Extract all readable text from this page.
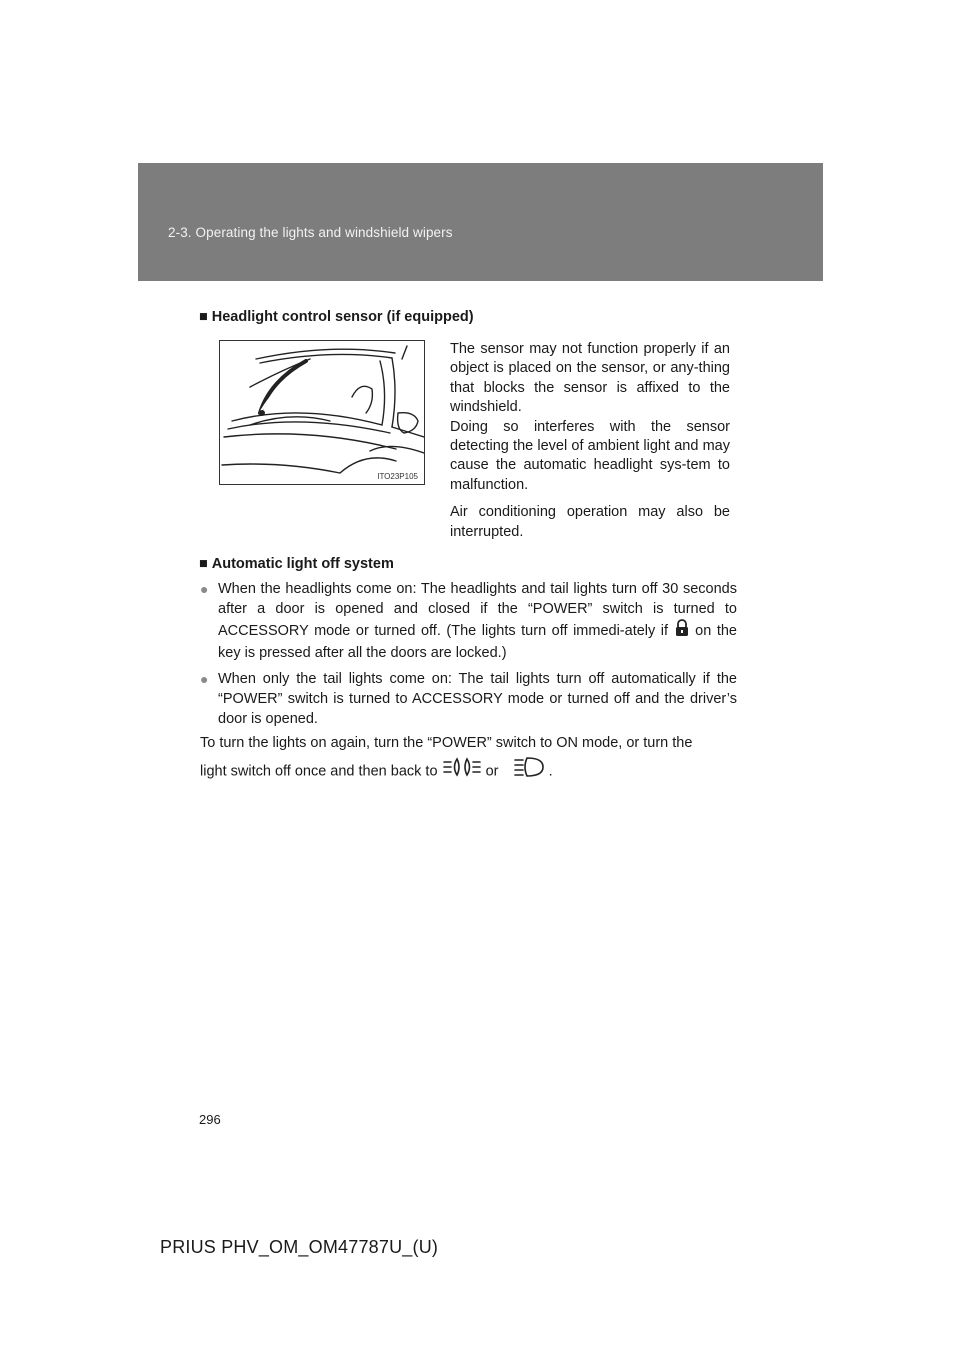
2-3. Operating the lights and windshield wipers
■ Headlight control sensor (if equipped)
ITO23P105

The sensor may not function properly if an object is placed on the sensor, or any-thing that blocks the sensor is affixed to the windshield.

Doing so interferes with the sensor detecting the level of ambient light and may cause the automatic headlight sys-tem to malfunction.

Air conditioning operation may also be interrupted.

■ Automatic light off system
● When the headlights come on: The headlights and tail lights turn off 30 seconds after a door is opened and closed if the “POWER” switch is turned to ACCESSORY mode or turned off. (The lights turn off immedi-ately if on the key is pressed after all the doors are locked.)
● When only the tail lights come on: The tail lights turn off automatically if the “POWER” switch is turned to ACCESSORY mode or turned off and the driver’s door is opened.
To turn the lights on again, turn the “POWER” switch to ON mode, or turn the
light switch off once and then back to	or	.
296
PRIUS PHV_OM_OM47787U_(U)
